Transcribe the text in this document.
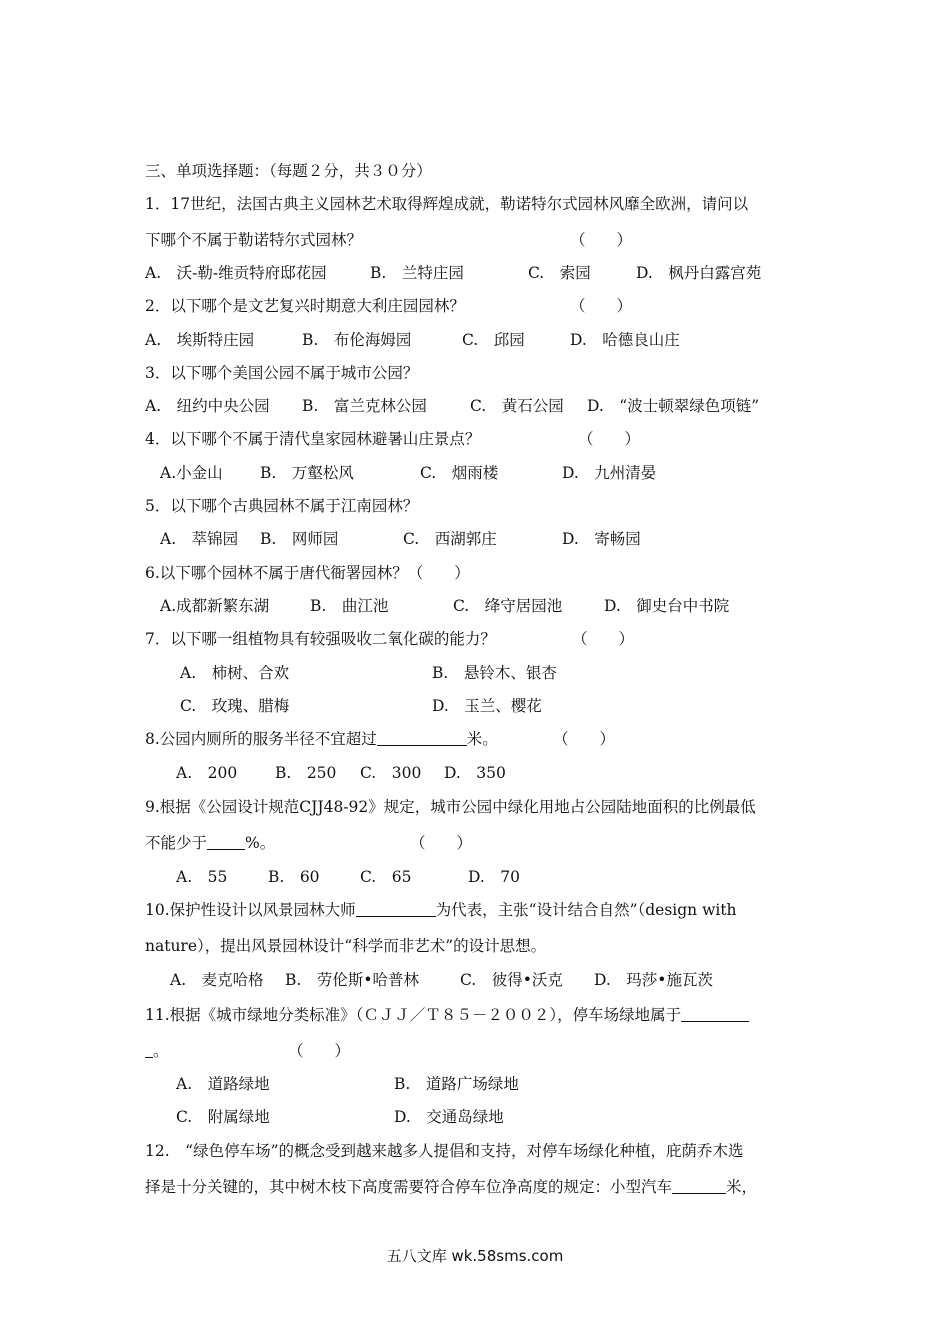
三、单项选择题：（每题２分，共３０分）
1．17世纪，法国古典主义园林艺术取得辉煌成就，勒诺特尔式园林风靡全欧洲，请问以
下哪个不属于勒诺特尔式园林？	（　　）
A.　沃-勒-维贡特府邸花园	B.　兰特庄园	C.　索园	D.　枫丹白露宫苑
2．以下哪个是文艺复兴时期意大利庄园园林？	（　　）
A.　埃斯特庄园	B.　布伦海姆园	C.　邱园	D.　哈德良山庄
3．以下哪个美国公园不属于城市公园？
A.　纽约中央公园 B.　富兰克林公园	C.　黄石公园 D.　“波士顿翠绿色项链”
4．以下哪个不属于清代皇家园林避暑山庄景点？	（　　）
A.小金山 B.　万壑松风	C.　烟雨楼	D.　九州清晏
5．以下哪个古典园林不属于江南园林？
A.　萃锦园 B.　网师园	C.　西湖郭庄	D.　寄畅园
6.以下哪个园林不属于唐代衙署园林？（　　）
A.成都新繁东湖	B.　曲江池	C.　绛守居园池	D.　御史台中书院
7．以下哪一组植物具有较强吸收二氧化碳的能力？	（　　）
A.　柿树、合欢	B.　悬铃木、银杏
C.　玫瑰、腊梅	D.　玉兰、樱花
8.公园内厕所的服务半径不宜超过	米。	（　　）
A.　200 B.　250 C.　300 D.　350
9.根据《公园设计规范CJJ48-92》规定，城市公园中绿化用地占公园陆地面积的比例最低
不能少于 %。	（　　）
A.　55	B.　60	C.　65	D.　70
10.保护性设计以风景园林大师	为代表，主张“设计结合自然”（design with
nature），提出风景园林设计“科学而非艺术”的设计思想。
A.　麦克哈格 B.　劳伦斯•哈普林	C.　彼得•沃克 D.　玛莎•施瓦茨
11.根据《城市绿地分类标准》（ＣＪＪ／Ｔ８５－２００２），停车场绿地属于
。	（　　）
A.　道路绿地	B.　道路广场绿地
C.　附属绿地	D.　交通岛绿地
12.　“绿色停车场”的概念受到越来越多人提倡和支持，对停车场绿化种植，庇荫乔木选
择是十分关键的，其中树木枝下高度需要符合停车位净高度的规定：小型汽车	米，
五八文库 wk.58sms.com
